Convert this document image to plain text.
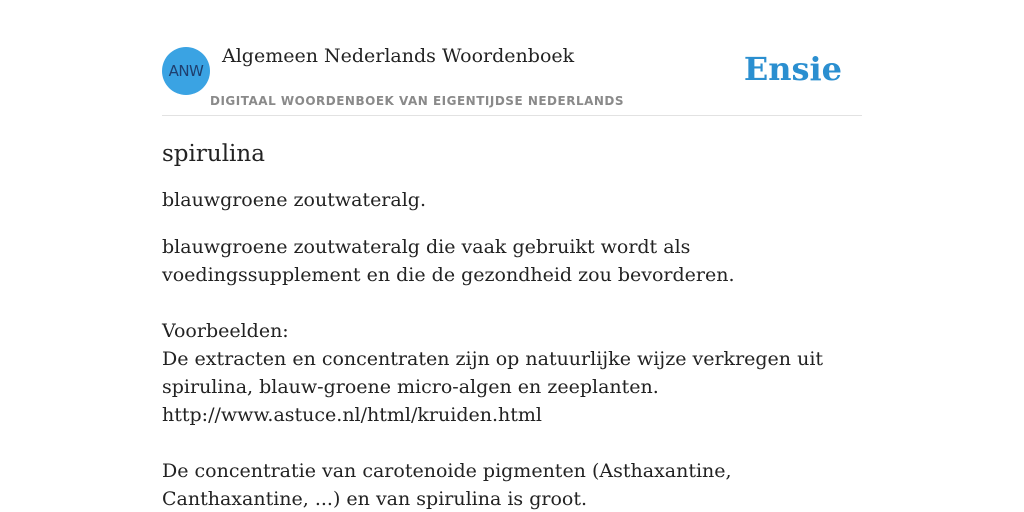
ANW
Algemeen Nederlands Woordenboek
DIGITAAL WOORDENBOEK VAN EIGENTIJDSE NEDERLANDS
Ensie
spirulina

blauwgroene zoutwateralg.

blauwgroene zoutwateralg die vaak gebruikt wordt als voedingssupplement en die de gezondheid zou bevorderen.

Voorbeelden:
De extracten en concentraten zijn op natuurlijke wijze verkregen uit spirulina, blauw-groene micro-algen en zeeplanten.
http://www.astuce.nl/html/kruiden.html

De concentratie van carotenoide pigmenten (Asthaxantine, Canthaxantine, ...) en van spirulina is groot.
